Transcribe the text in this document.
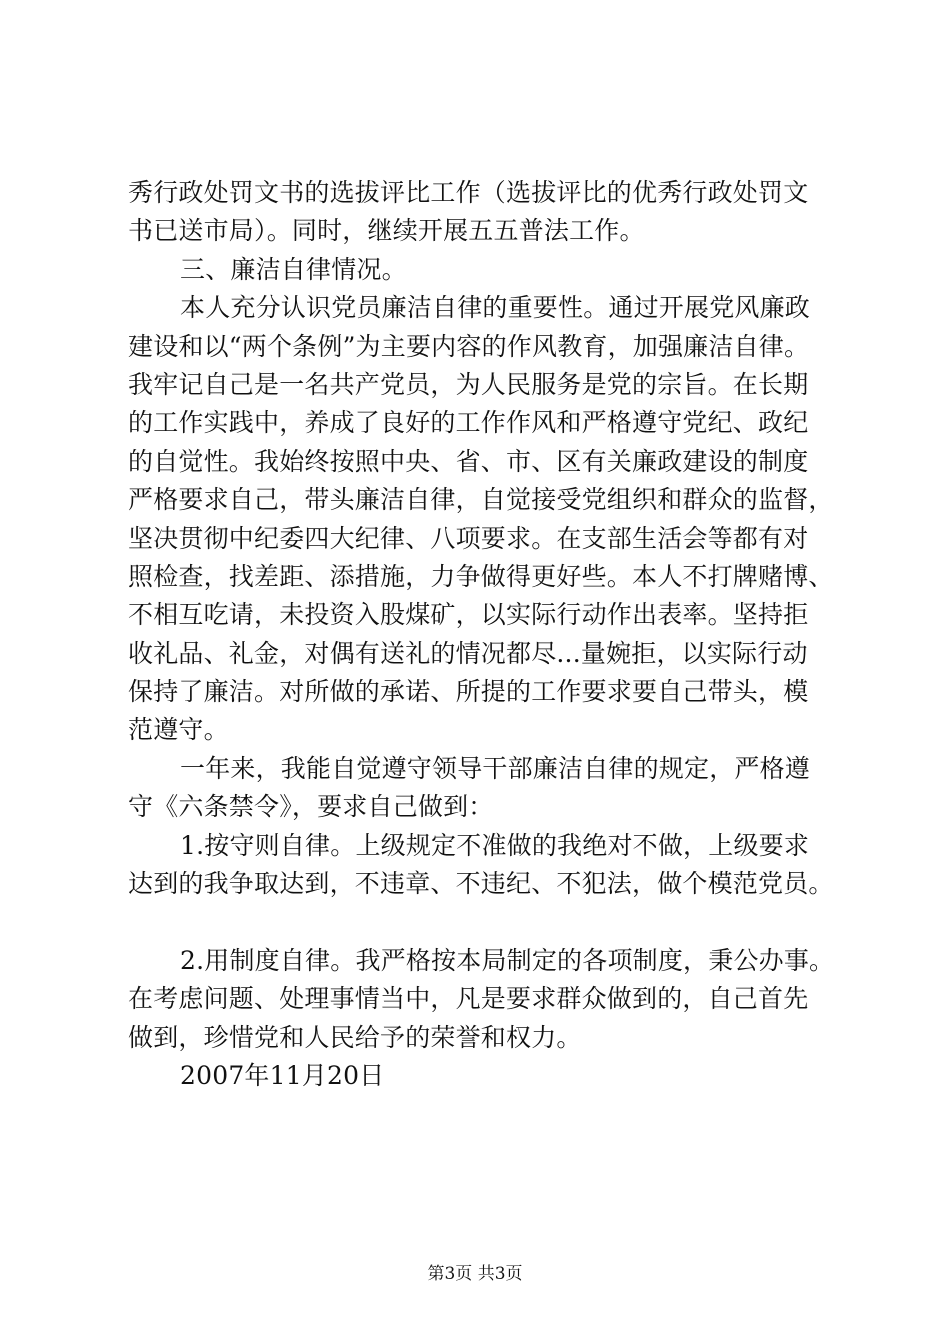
秀行政处罚文书的选拔评比工作（选拔评比的优秀行政处罚文
书已送市局）。同时，继续开展五五普法工作。
三、廉洁自律情况。
本人充分认识党员廉洁自律的重要性。通过开展党风廉政
建设和以“两个条例”为主要内容的作风教育，加强廉洁自律。
我牢记自己是一名共产党员，为人民服务是党的宗旨。在长期
的工作实践中，养成了良好的工作作风和严格遵守党纪、政纪
的自觉性。我始终按照中央、省、市、区有关廉政建设的制度
严格要求自己，带头廉洁自律，自觉接受党组织和群众的监督，
坚决贯彻中纪委四大纪律、八项要求。在支部生活会等都有对
照检查，找差距、添措施，力争做得更好些。本人不打牌赌博、
不相互吃请，未投资入股煤矿，以实际行动作出表率。坚持拒
收礼品、礼金，对偶有送礼的情况都尽...量婉拒，以实际行动
保持了廉洁。对所做的承诺、所提的工作要求要自己带头，模
范遵守。
一年来，我能自觉遵守领导干部廉洁自律的规定，严格遵
守《六条禁令》，要求自己做到：
1.按守则自律。上级规定不准做的我绝对不做，上级要求
达到的我争取达到，不违章、不违纪、不犯法，做个模范党员。
2.用制度自律。我严格按本局制定的各项制度，秉公办事。
在考虑问题、处理事情当中，凡是要求群众做到的，自己首先
做到，珍惜党和人民给予的荣誉和权力。
2007年11月20日
第3页 共3页
